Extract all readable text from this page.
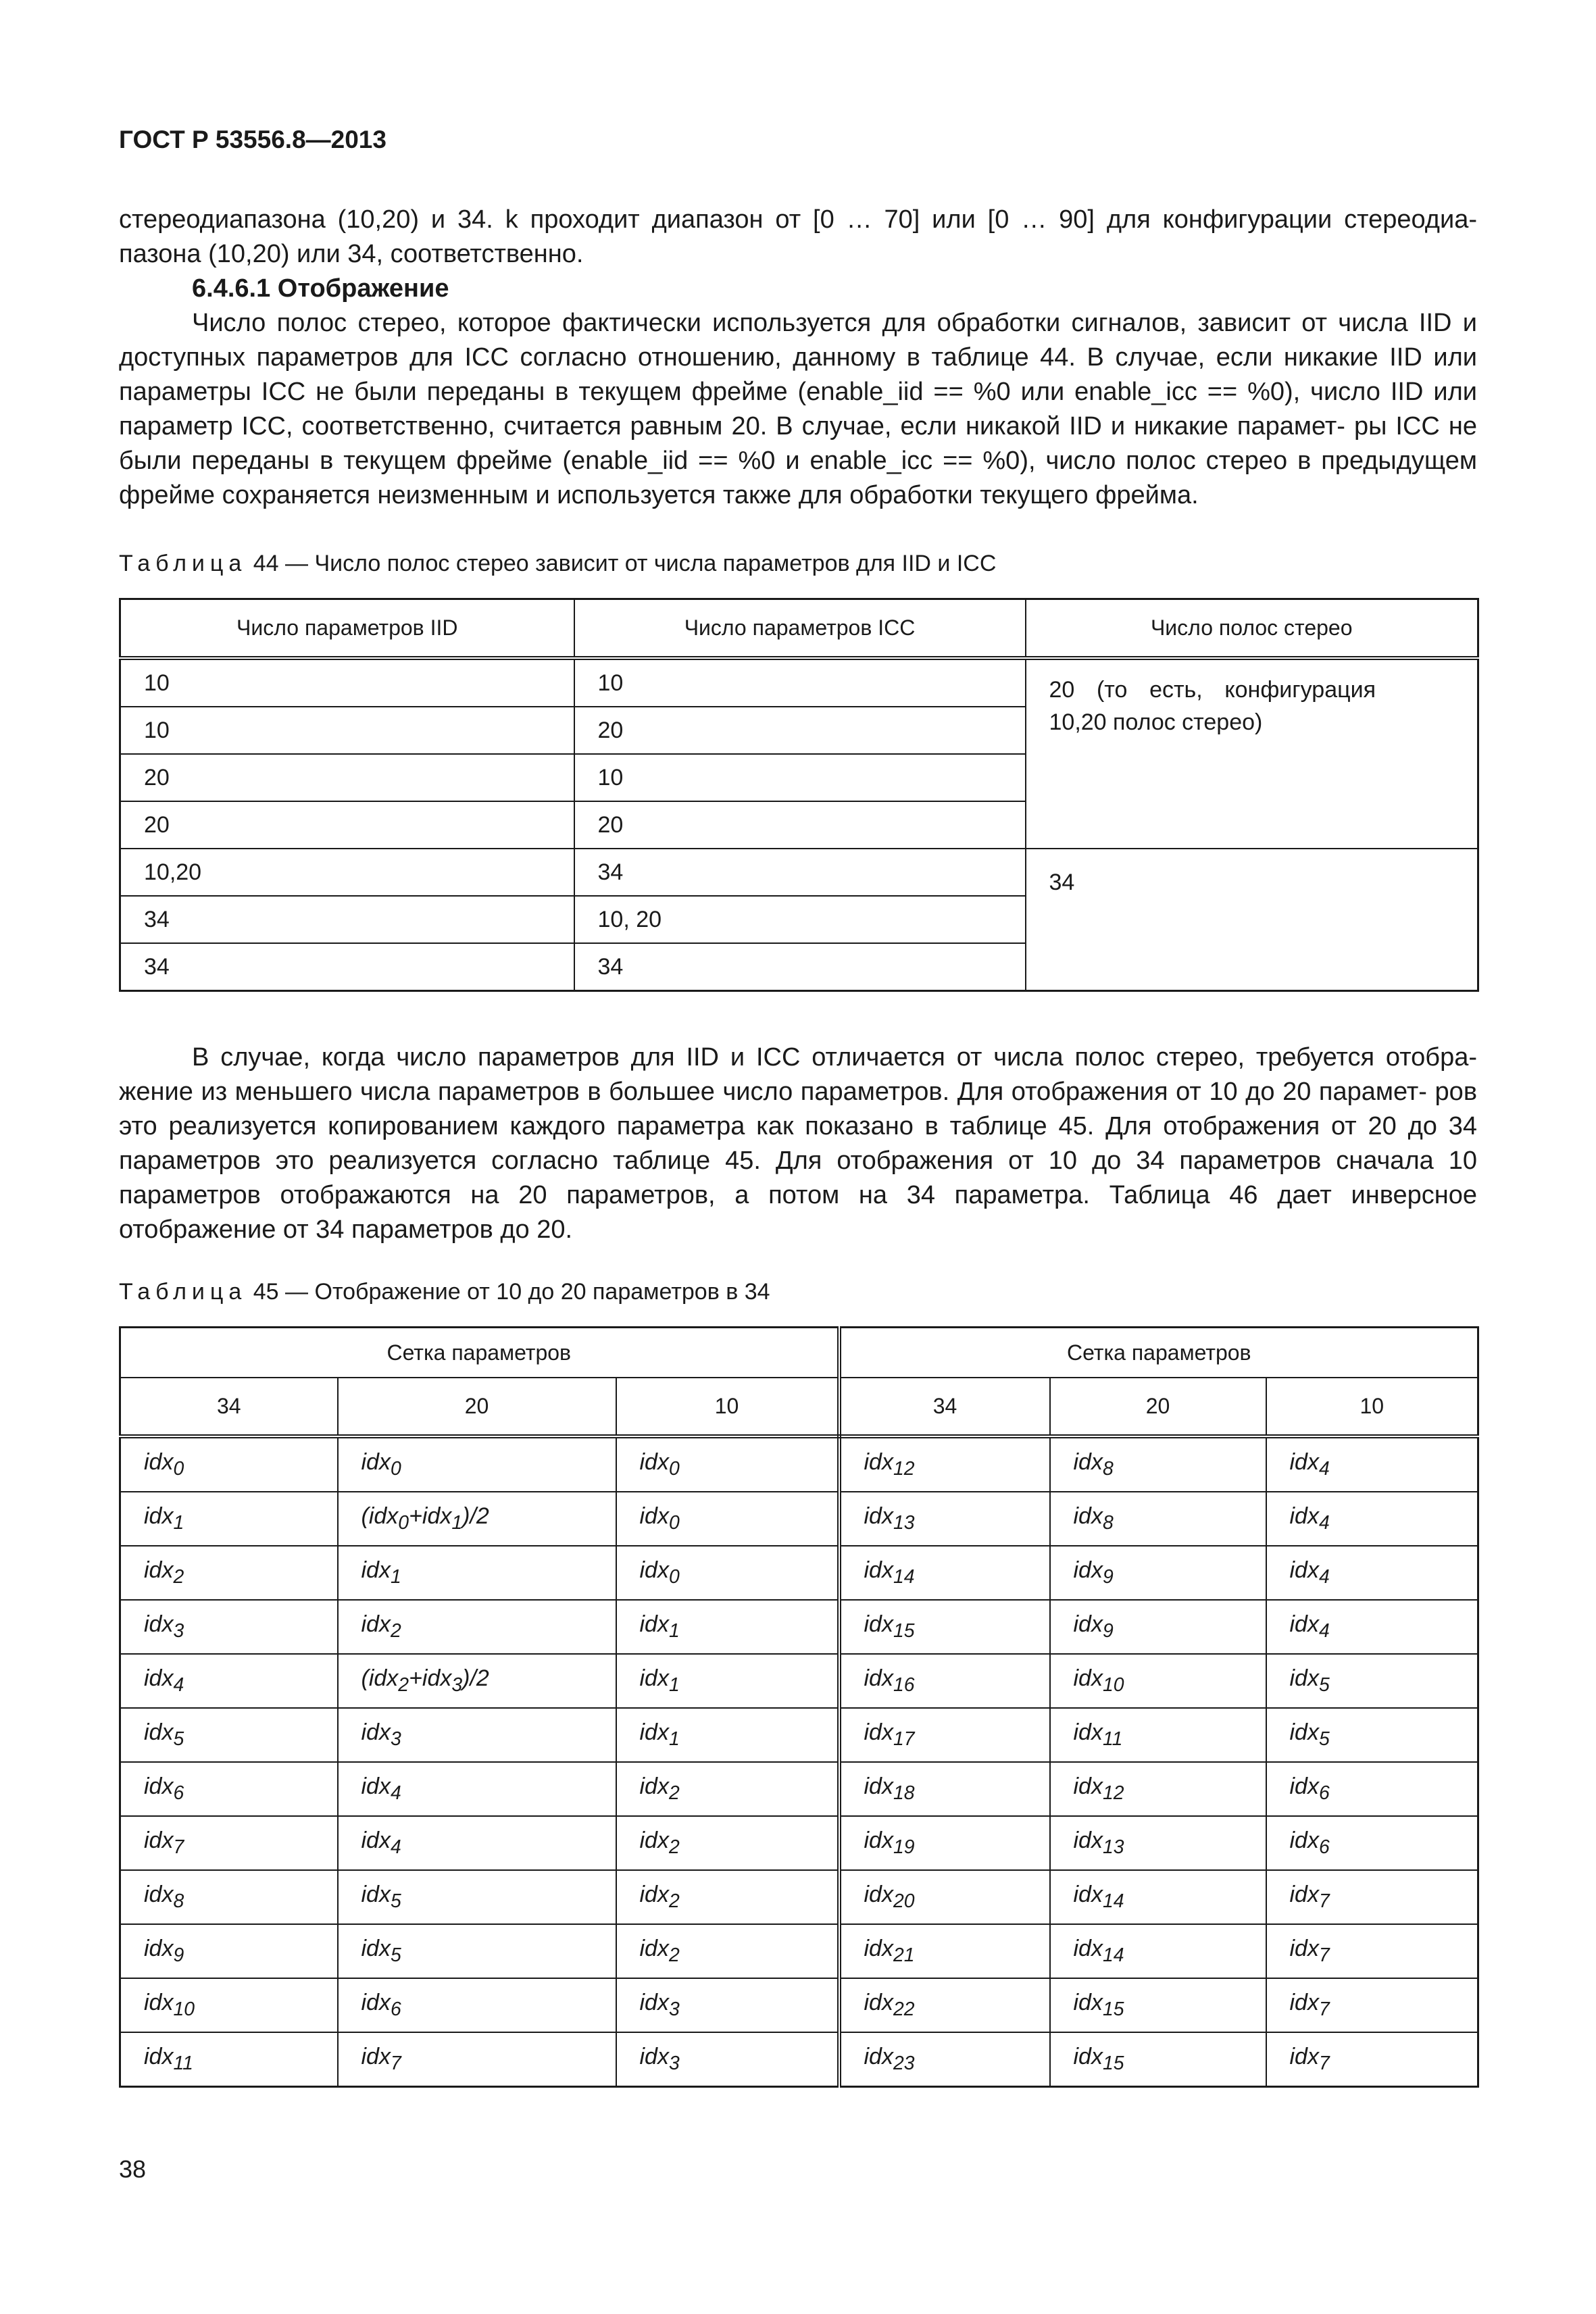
ГОСТ Р 53556.8—2013

стереодиапазона (10,20) и 34. k проходит диапазон от [0 … 70] или [0 … 90] для конфигурации стереодиа- пазона (10,20) или 34, соответственно.

6.4.6.1 Отображение

Число полос стерео, которое фактически используется для обработки сигналов, зависит от числа IID и доступных параметров для ICC согласно отношению, данному в таблице 44. В случае, если никакие IID или параметры ICC не были переданы в текущем фрейме (enable_iid == %0 или enable_icc == %0), число IID или параметр ICC, соответственно, считается равным 20. В случае, если никакой IID и никакие парамет- ры ICC не были переданы в текущем фрейме (enable_iid == %0 и enable_icc == %0), число полос стерео в предыдущем фрейме сохраняется неизменным и используется также для обработки текущего фрейма.

Таблица 44 — Число полос стерео зависит от числа параметров для IID и ICC
Число параметров IID	Число параметров ICC	Число полос стерео
10	10	20 (то есть, конфигурация 10,20 полос стерео)
10	20	
20	10	
20	20	
10,20	34	34
34	10, 20	
34	34	
В случае, когда число параметров для IID и ICC отличается от числа полос стерео, требуется отобра- жение из меньшего числа параметров в большее число параметров. Для отображения от 10 до 20 парамет- ров это реализуется копированием каждого параметра как показано в таблице 45. Для отображения от 20 до 34 параметров это реализуется согласно таблице 45. Для отображения от 10 до 34 параметров сначала 10 параметров отображаются на 20 параметров, а потом на 34 параметра. Таблица 46 дает инверсное отображение от 34 параметров до 20.
Таблица 45 — Отображение от 10 до 20 параметров в 34
Сетка параметров			Сетка параметров		
34	20	10	34	20	10
idx$_0$	idx$_0$	idx$_0$	idx$_{12}$	idx$_8$	idx$_4$
idx$_1$	(idx$_0$+idx$_1$)/2	idx$_0$	idx$_{13}$	idx$_8$	idx$_4$
idx$_2$	idx$_1$	idx$_0$	idx$_{14}$	idx$_9$	idx$_4$
idx$_3$	idx$_2$	idx$_1$	idx$_{15}$	idx$_9$	idx$_4$
idx$_4$	(idx$_2$+idx$_3$)/2	idx$_1$	idx$_{16}$	idx$_{10}$	idx$_5$
idx$_5$	idx$_3$	idx$_1$	idx$_{17}$	idx$_{11}$	idx$_5$
idx$_6$	idx$_4$	idx$_2$	idx$_{18}$	idx$_{12}$	idx$_6$
idx$_7$	idx$_4$	idx$_2$	idx$_{19}$	idx$_{13}$	idx$_6$
idx$_8$	idx$_5$	idx$_2$	idx$_{20}$	idx$_{14}$	idx$_7$
idx$_9$	idx$_5$	idx$_2$	idx$_{21}$	idx$_{14}$	idx$_7$
idx$_{10}$	idx$_6$	idx$_3$	idx$_{22}$	idx$_{15}$	idx$_7$
idx$_{11}$	idx$_7$	idx$_3$	idx$_{23}$	idx$_{15}$	idx$_7$
38
